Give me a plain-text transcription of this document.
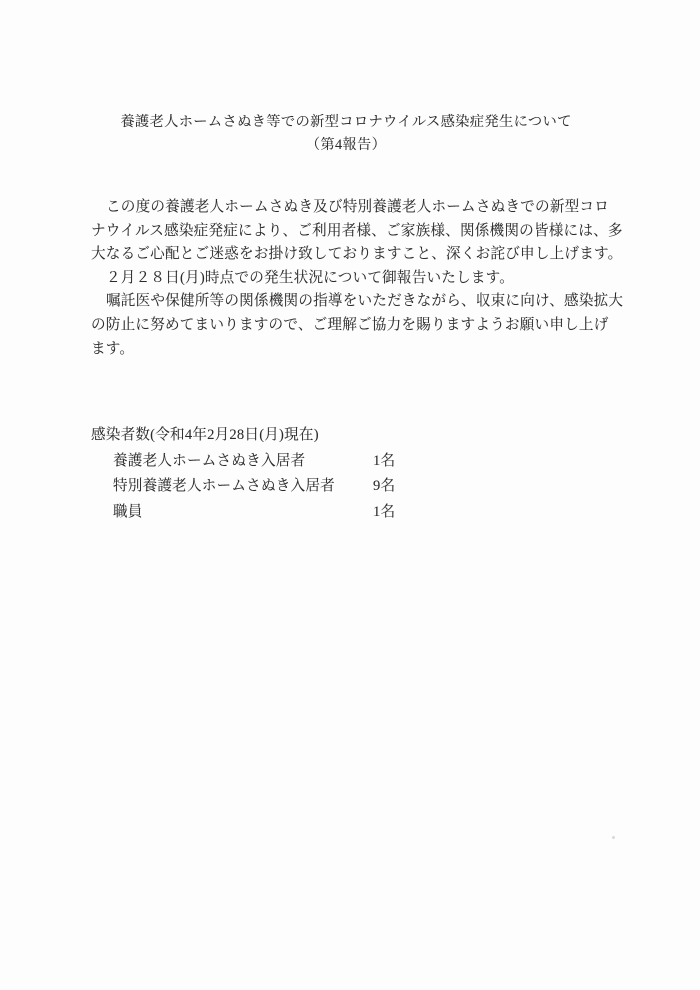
養護老人ホームさぬき等での新型コロナウイルス感染症発生について
（第4報告）
この度の養護老人ホームさぬき及び特別養護老人ホームさぬきでの新型コロ
ナウイルス感染症発症により、ご利用者様、ご家族様、関係機関の皆様には、多
大なるご心配とご迷惑をお掛け致しておりますこと、深くお詫び申し上げます。
２月２８日(月)時点での発生状況について御報告いたします。
嘱託医や保健所等の関係機関の指導をいただきながら、収束に向け、感染拡大
の防止に努めてまいりますので、ご理解ご協力を賜りますようお願い申し上げ
ます。
感染者数(令和4年2月28日(月)現在)
養護老人ホームさぬき入居者	1名
特別養護老人ホームさぬき入居者	9名
職員	1名
